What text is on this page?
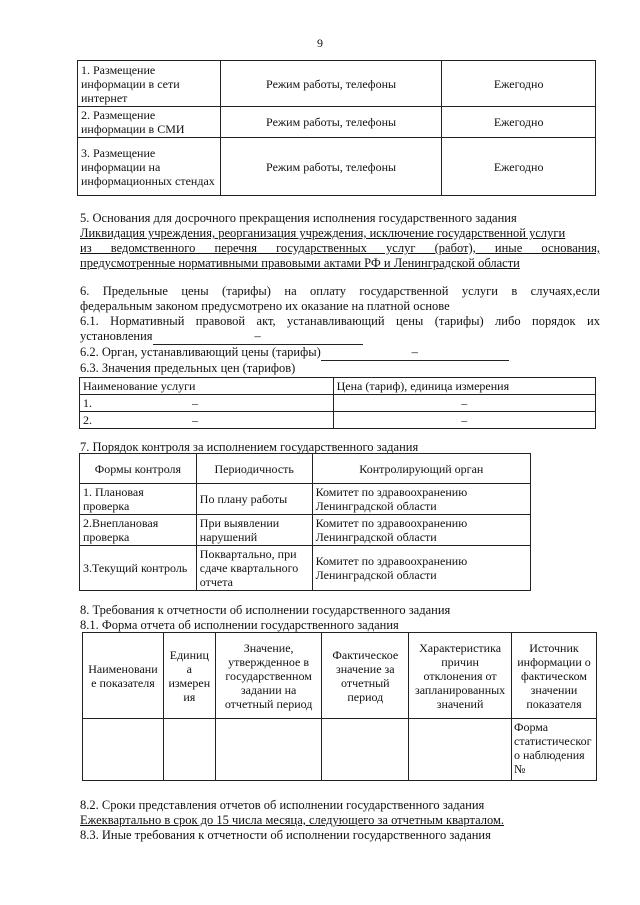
9
1. Размещение информации в сети интернет	Режим работы, телефоны	Ежегодно
2. Размещение информации в СМИ	Режим работы, телефоны	Ежегодно
3. Размещение информации на информационных стендах	Режим работы, телефоны	Ежегодно
5. Основания для досрочного прекращения исполнения государственного задания
Ликвидация учреждения, реорганизация учреждения, исключение государственной услуги
из ведомственного перечня государственных услуг (работ), иные основания,
предусмотренные нормативными правовыми актами РФ и Ленинградской области
6. Предельные цены (тарифы) на оплату государственной услуги в случаях,если
федеральным законом предусмотрено их оказание на платной основе
6.1. Нормативный правовой акт, устанавливающий цены (тарифы) либо порядок их
установления	–
6.2. Орган, устанавливающий цены (тарифы)	–
6.3. Значения предельных цен (тарифов)
Наименование услуги	Цена (тариф), единица измерения
1. –	–
2. –	–
7. Порядок контроля за исполнением государственного задания
Формы контроля	Периодичность	Контролирующий орган
1. Плановая проверка	По плану работы	Комитет по здравоохранению Ленинградской области
2.Внеплановая проверка	При выявлении нарушений	Комитет по здравоохранению Ленинградской области
3.Текущий контроль	Поквартально, при сдаче квартального отчета	Комитет по здравоохранению Ленинградской области
8. Требования к отчетности об исполнении государственного задания
8.1. Форма отчета об исполнении государственного задания
Наименовани е показателя	Единиц а измерен ия	Значение, утвержденное в государственном задании на отчетный период	Фактическое значение за отчетный период	Характеристика причин отклонения от запланированных значений	Источник информации о фактическом значении показателя
					Форма статистическог о наблюдения №
8.2. Сроки представления отчетов об исполнении государственного задания
Ежеквартально в срок до 15 числа месяца, следующего за отчетным кварталом.
8.3. Иные требования к отчетности об исполнении государственного задания
